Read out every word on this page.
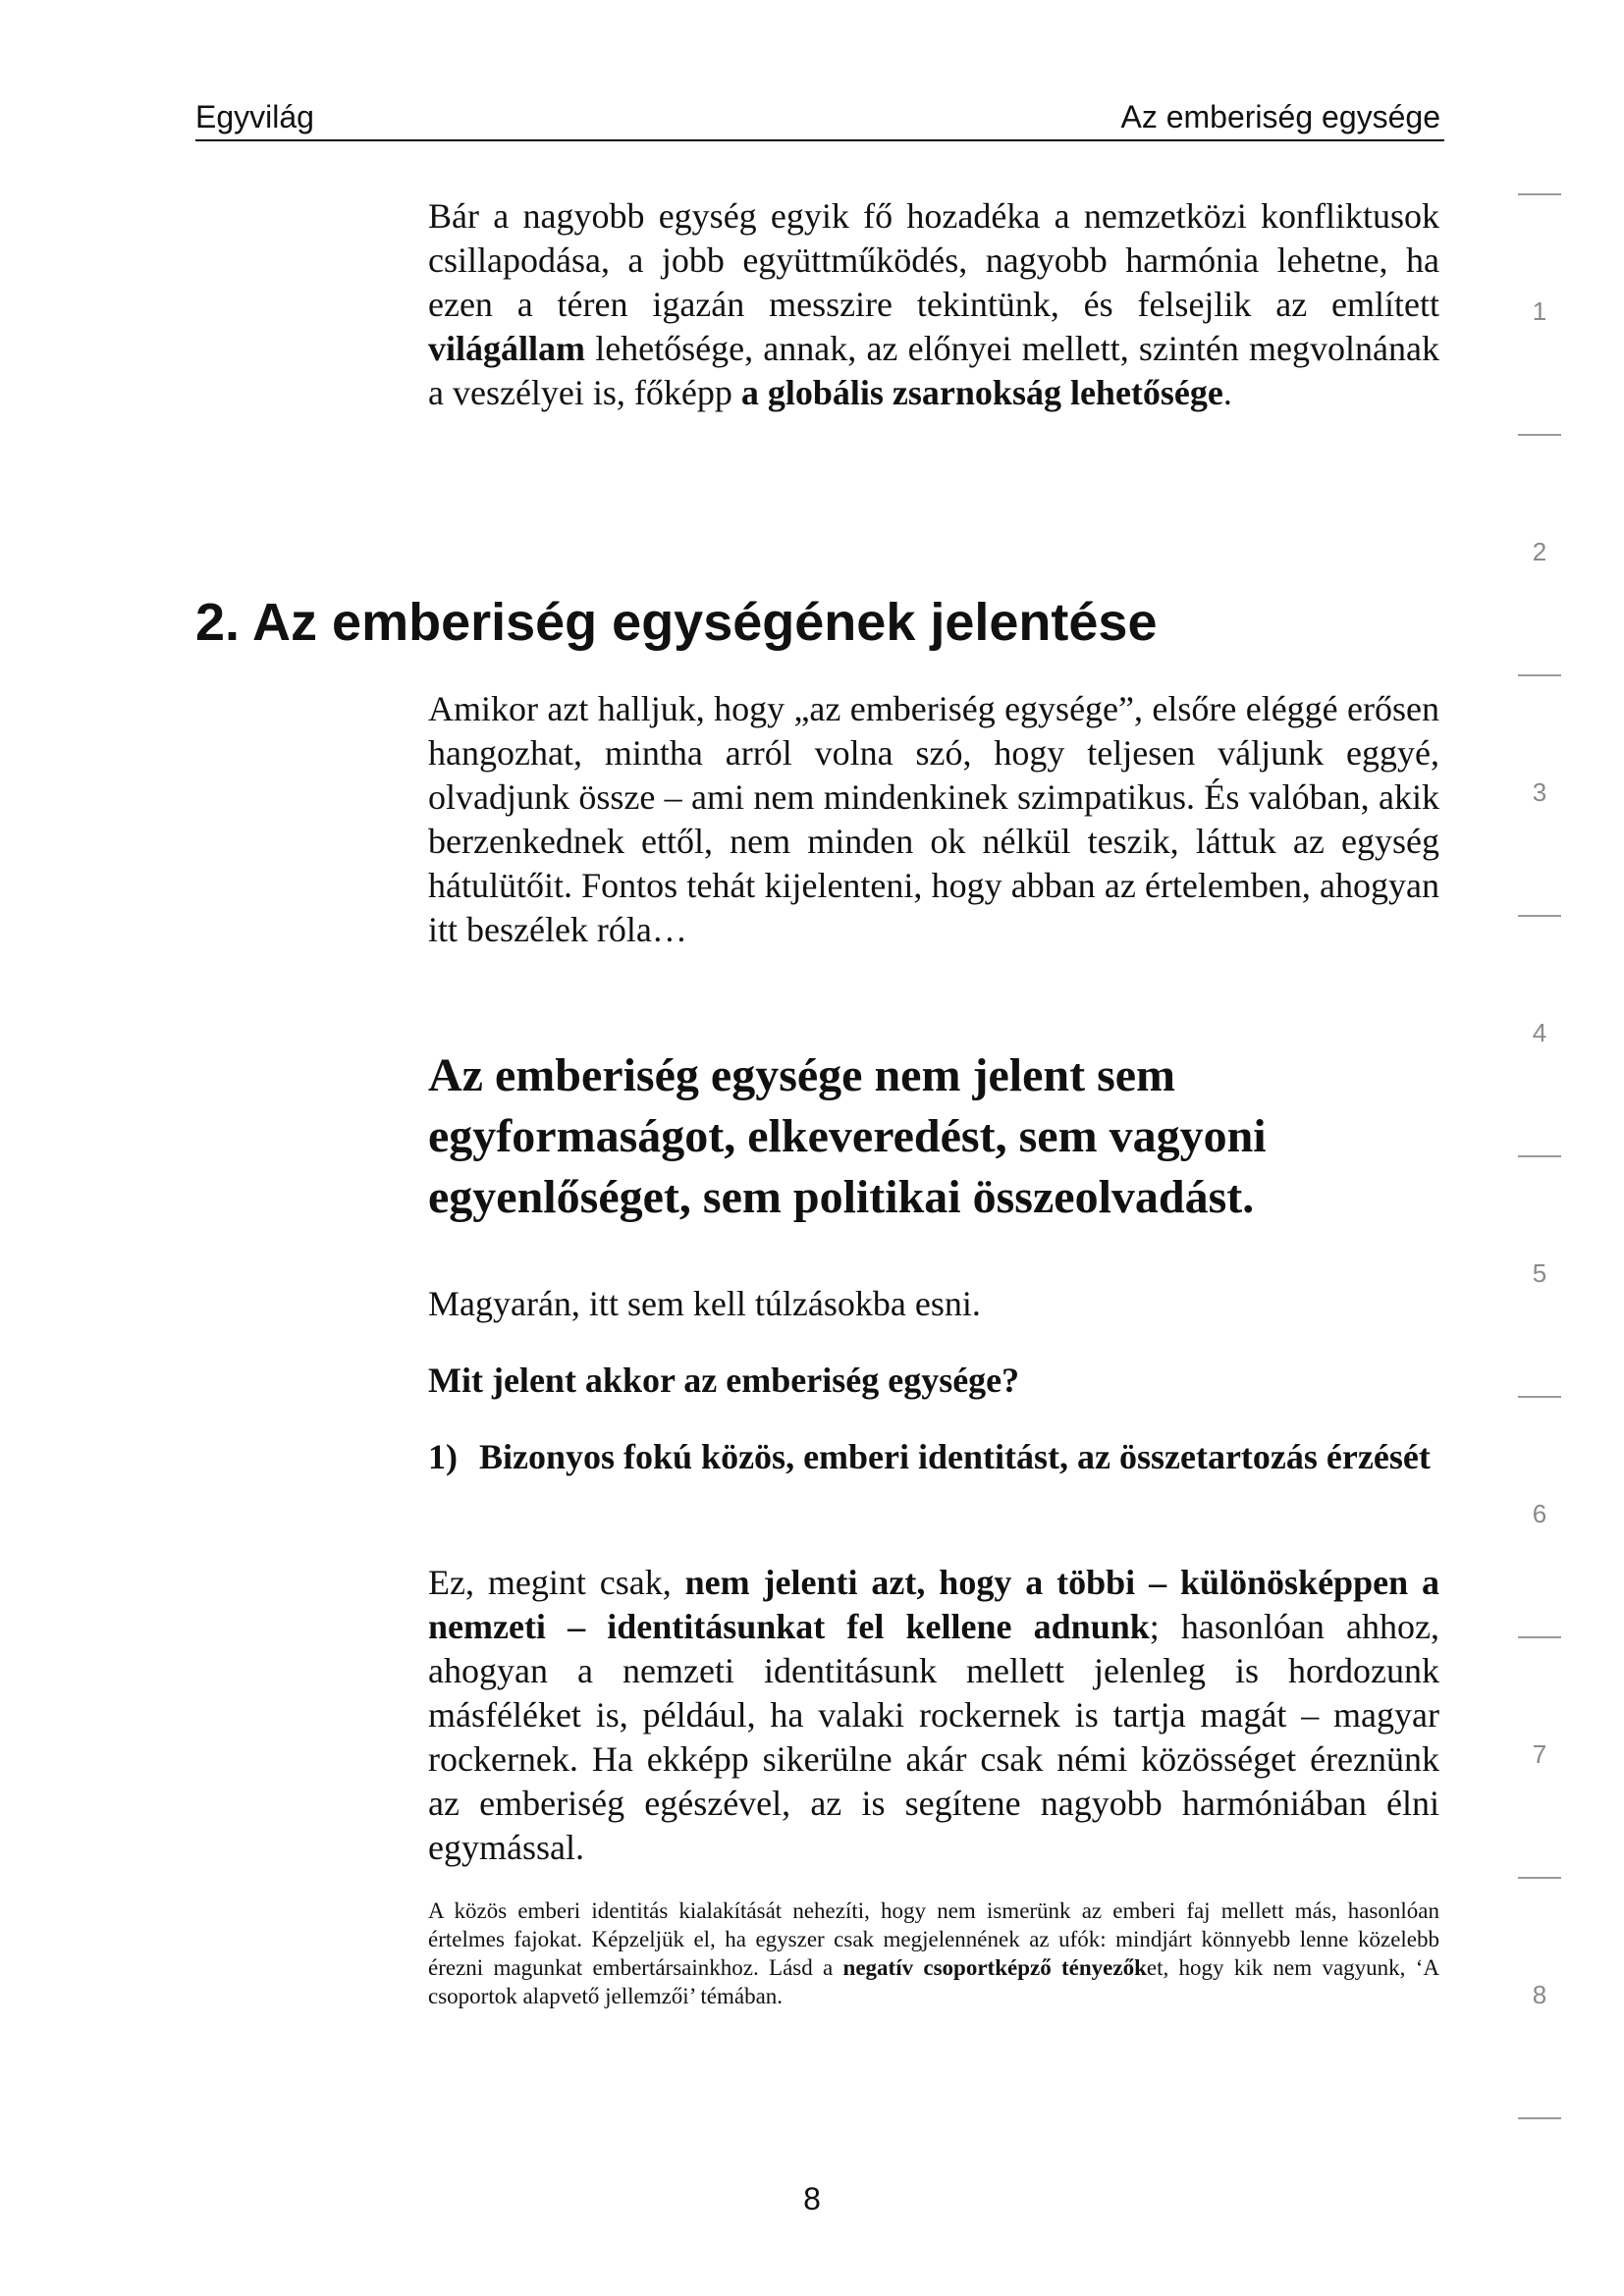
Egyvilág	Az emberiség egysége

Bár a nagyobb egység egyik fő hozadéka a nemzetközi konfliktusok csillapodása, a jobb együttműködés, nagyobb harmónia lehetne, ha ezen a téren igazán messzire tekintünk, és felsejlik az említett világállam lehetősége, annak, az előnyei mellett, szintén megvolnának a veszélyei is, főképp a globális zsarnokság lehetősége.

2. Az emberiség egységének jelentése

Amikor azt halljuk, hogy „az emberiség egysége”, elsőre eléggé erősen hangozhat, mintha arról volna szó, hogy teljesen váljunk eggyé, olvadjunk össze – ami nem mindenkinek szimpatikus. És valóban, akik berzenkednek ettől, nem minden ok nélkül teszik, láttuk az egység hátulütőit. Fontos tehát kijelenteni, hogy abban az értelemben, ahogyan itt beszélek róla…

Az emberiség egysége nem jelent sem egyformaságot, elkeveredést, sem vagyoni egyenlőséget, sem politikai összeolvadást.

Magyarán, itt sem kell túlzásokba esni.

Mit jelent akkor az emberiség egysége?

1) Bizonyos fokú közös, emberi identitást, az összetartozás érzését

Ez, megint csak, nem jelenti azt, hogy a többi – különösképpen a nemzeti – identitásunkat fel kellene adnunk; hasonlóan ahhoz, ahogyan a nemzeti identitásunk mellett jelenleg is hordozunk másféléket is, például, ha valaki rockernek is tartja magát – magyar rockernek. Ha ekképp sikerülne akár csak némi közösséget éreznünk az emberiség egészével, az is segítene nagyobb harmóniában élni egymással.

A közös emberi identitás kialakítását nehezíti, hogy nem ismerünk az emberi faj mellett más, hasonlóan értelmes fajokat. Képzeljük el, ha egyszer csak megjelennének az ufók: mindjárt könnyebb lenne közelebb érezni magunkat embertársainkhoz. Lásd a negatív csoportképző tényezőket, hogy kik nem vagyunk, ‘A csoportok alapvető jellemzői’ témában.

8
1
2
3
4
5
6
7
8
